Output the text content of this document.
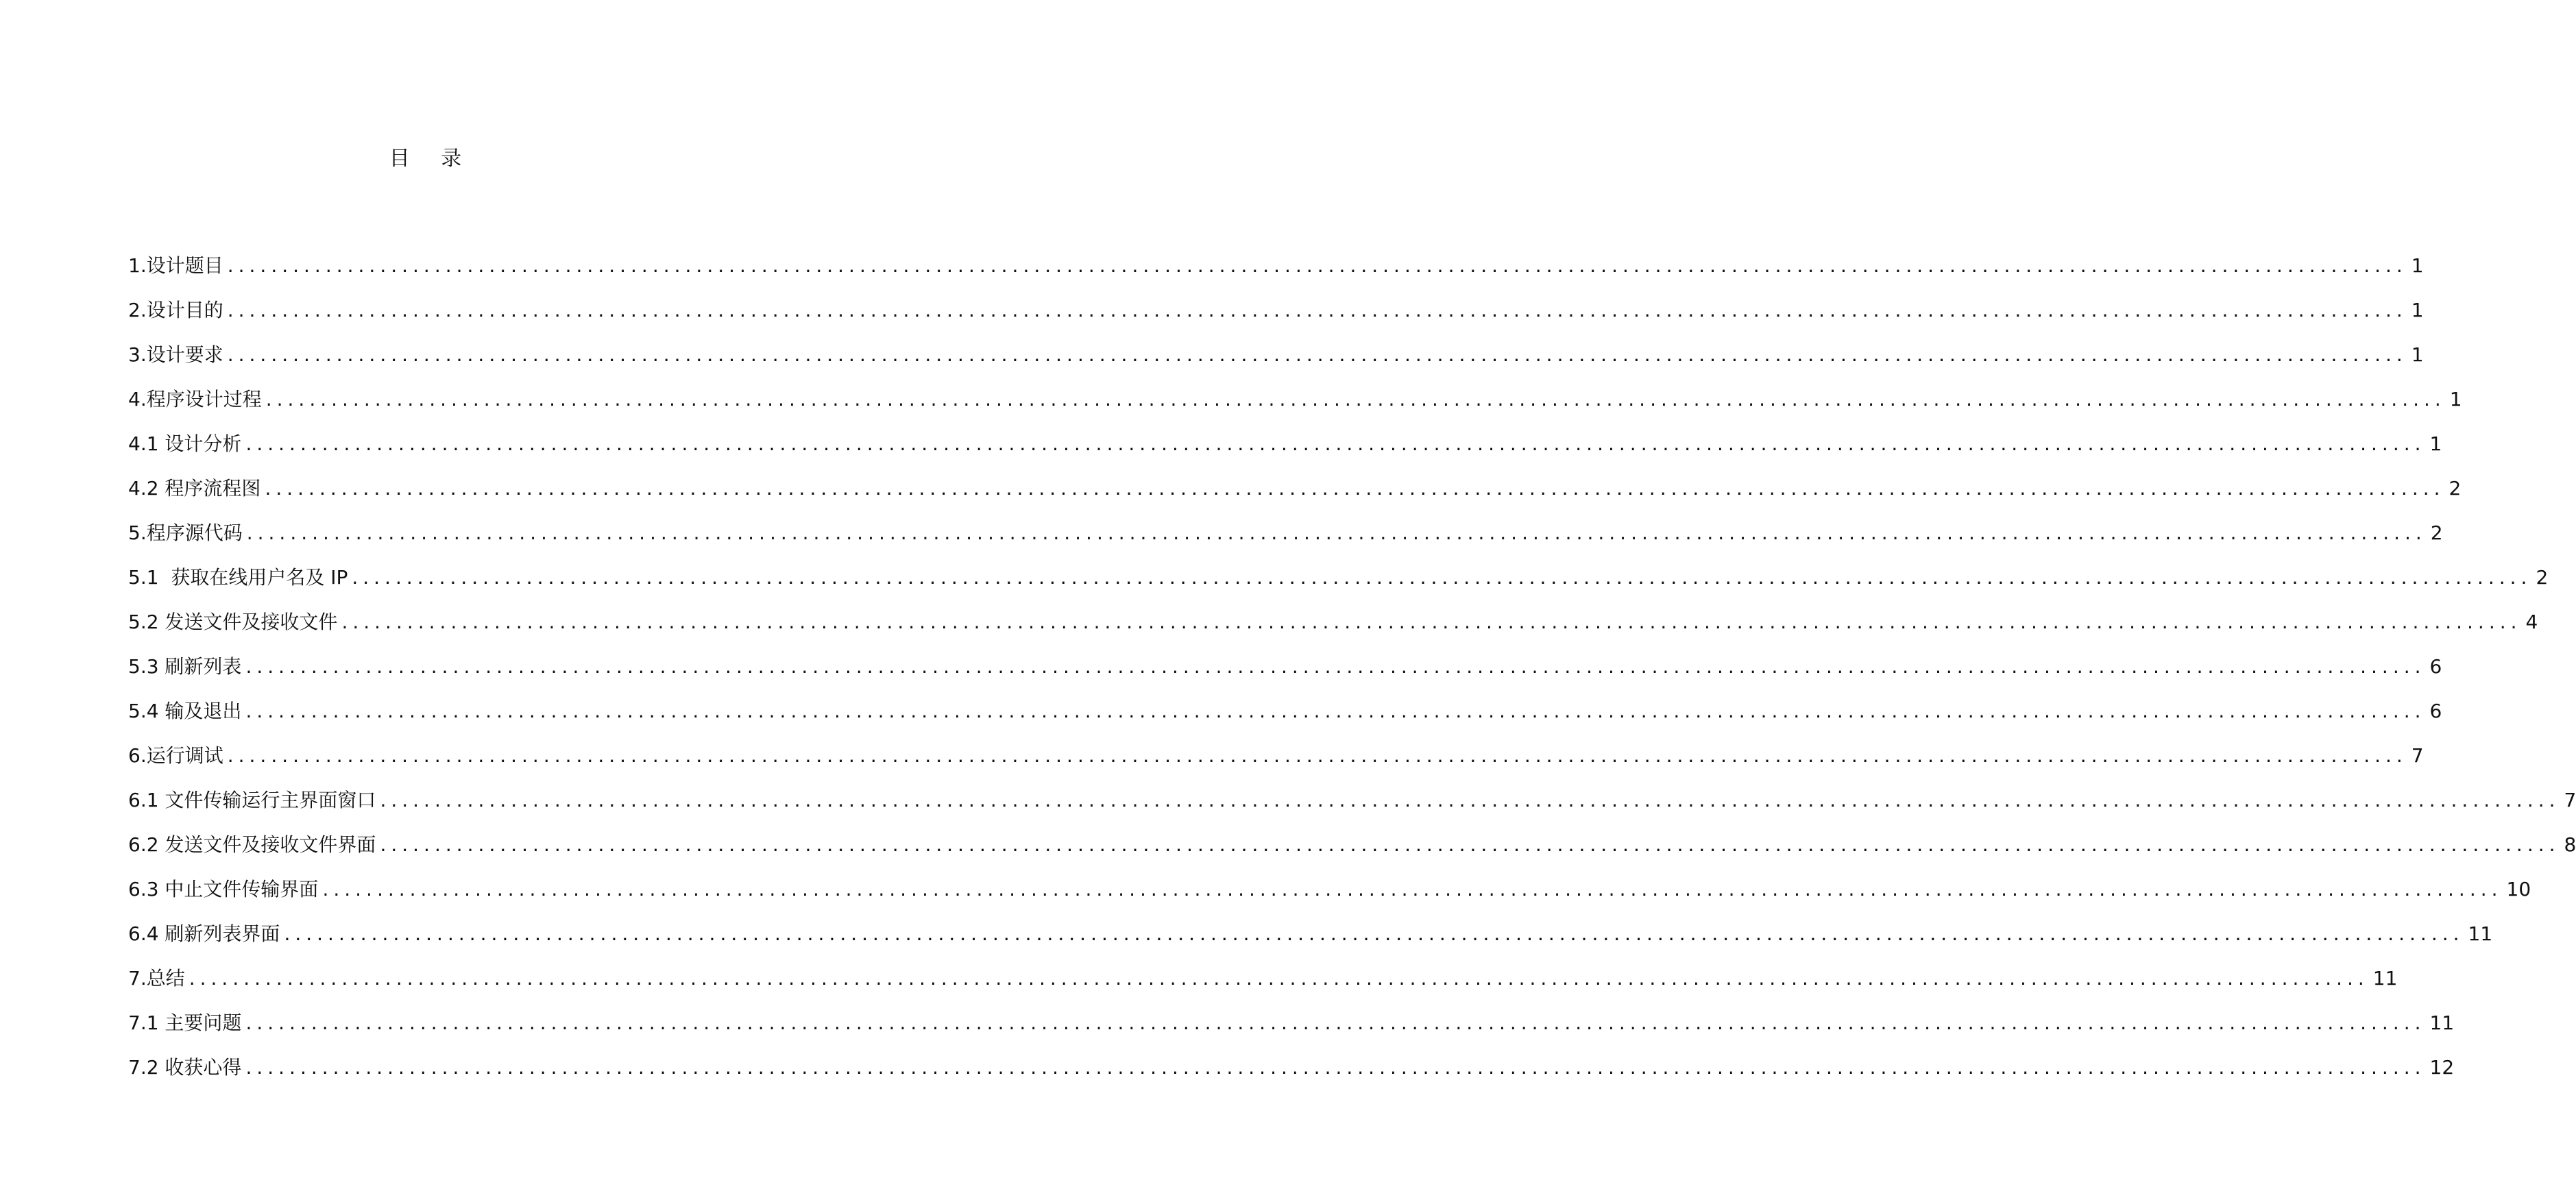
目 录
1.设计题目 ........................................................................................................................................................................................................ 1
2.设计目的 ........................................................................................................................................................................................................ 1
3.设计要求 ........................................................................................................................................................................................................ 1
4.程序设计过程 ........................................................................................................................................................................................................ 1
4.1 设计分析 ........................................................................................................................................................................................................ 1
4.2 程序流程图 ........................................................................................................................................................................................................ 2
5.程序源代码 ........................................................................................................................................................................................................ 2
5.1  获取在线用户名及 IP ........................................................................................................................................................................................................ 2
5.2 发送文件及接收文件 ........................................................................................................................................................................................................ 4
5.3 刷新列表 ........................................................................................................................................................................................................ 6
5.4 输及退出 ........................................................................................................................................................................................................ 6
6.运行调试 ........................................................................................................................................................................................................ 7
6.1 文件传输运行主界面窗口 ........................................................................................................................................................................................................ 7
6.2 发送文件及接收文件界面 ........................................................................................................................................................................................................ 8
6.3 中止文件传输界面 ........................................................................................................................................................................................................ 10
6.4 刷新列表界面 ........................................................................................................................................................................................................ 11
7.总结 ........................................................................................................................................................................................................ 11
7.1 主要问题 ........................................................................................................................................................................................................ 11
7.2 收获心得 ........................................................................................................................................................................................................ 12
